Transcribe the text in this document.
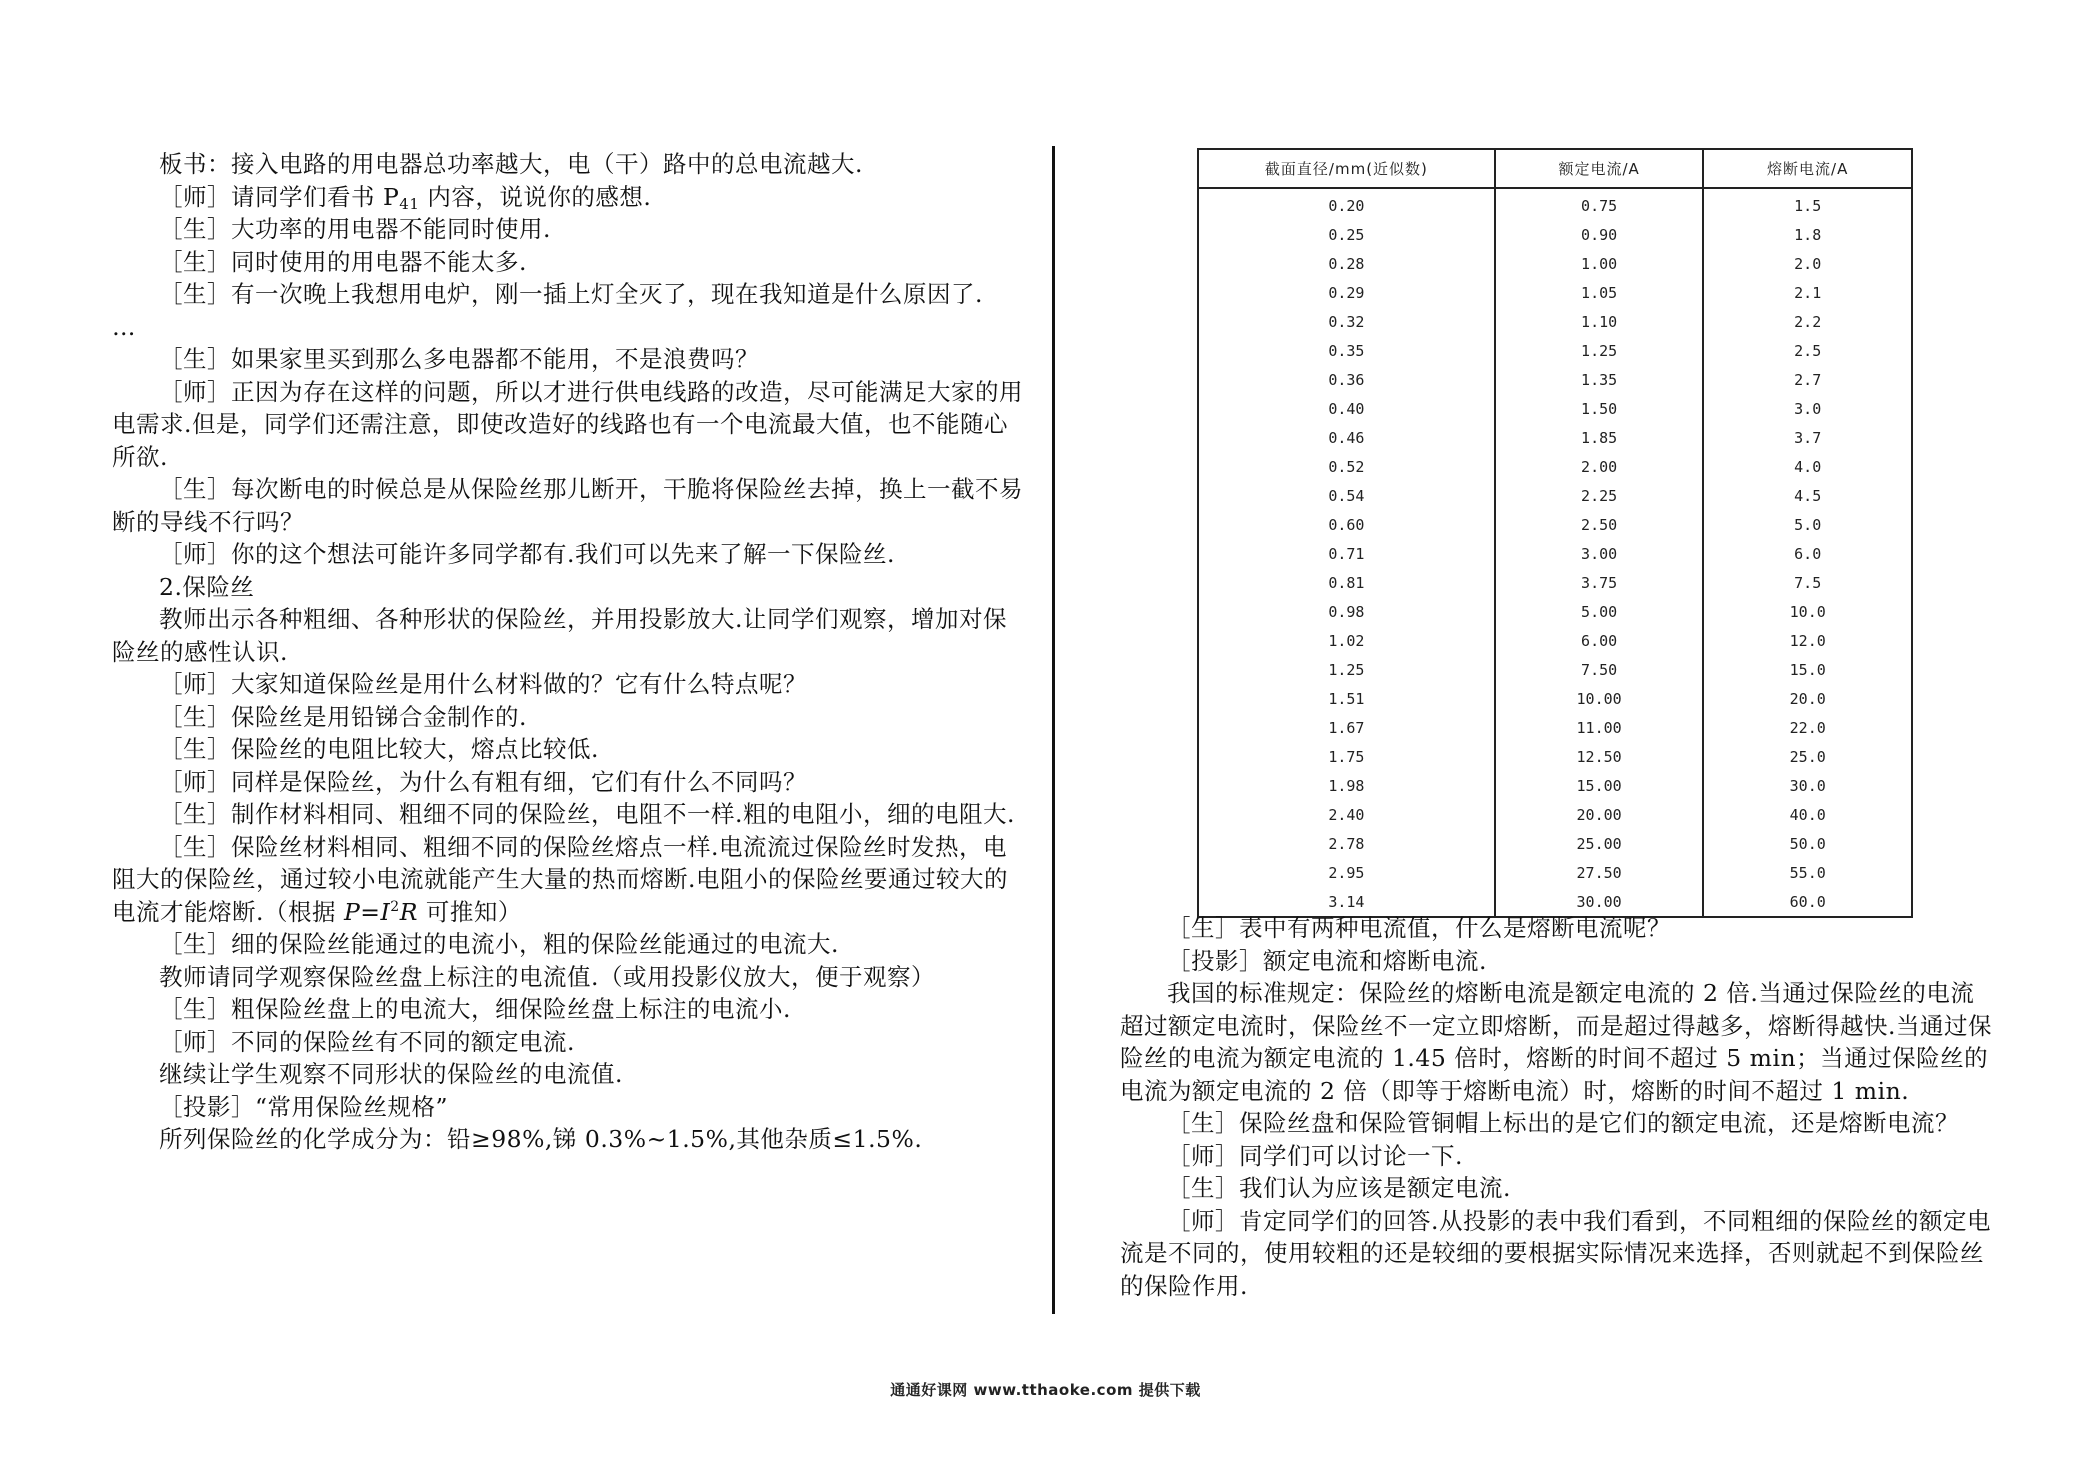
板书：接入电路的用电器总功率越大，电（干）路中的总电流越大.

［师］请同学们看书 $P_{41}$ 内容，说说你的感想.

［生］大功率的用电器不能同时使用.

［生］同时使用的用电器不能太多.

［生］有一次晚上我想用电炉，刚一插上灯全灭了，现在我知道是什么原因了.

…

［生］如果家里买到那么多电器都不能用，不是浪费吗？

［师］正因为存在这样的问题，所以才进行供电线路的改造，尽可能满足大家的用电需求.但是，同学们还需注意，即使改造好的线路也有一个电流最大值，也不能随心所欲.

［生］每次断电的时候总是从保险丝那儿断开，干脆将保险丝去掉，换上一截不易断的导线不行吗？

［师］你的这个想法可能许多同学都有.我们可以先来了解一下保险丝.

2.保险丝

教师出示各种粗细、各种形状的保险丝，并用投影放大.让同学们观察，增加对保险丝的感性认识.

［师］大家知道保险丝是用什么材料做的？它有什么特点呢？

［生］保险丝是用铅锑合金制作的.

［生］保险丝的电阻比较大，熔点比较低.

［师］同样是保险丝，为什么有粗有细，它们有什么不同吗？

［生］制作材料相同、粗细不同的保险丝，电阻不一样.粗的电阻小，细的电阻大.

［生］保险丝材料相同、粗细不同的保险丝熔点一样.电流流过保险丝时发热，电阻大的保险丝，通过较小电流就能产生大量的热而熔断.电阻小的保险丝要通过较大的电流才能熔断.（根据 $P=I^2R$ 可推知）

［生］细的保险丝能通过的电流小，粗的保险丝能通过的电流大.

教师请同学观察保险丝盘上标注的电流值.（或用投影仪放大，便于观察）

［生］粗保险丝盘上的电流大，细保险丝盘上标注的电流小.

［师］不同的保险丝有不同的额定电流.

继续让学生观察不同形状的保险丝的电流值.

［投影］“常用保险丝规格”

所列保险丝的化学成分为：铅≥98%,锑 0.3%~1.5%,其他杂质≤1.5%.

截面直径/mm(近似数)	额定电流/A	熔断电流/A
0.20	0.75	1.5
0.25	0.90	1.8
0.28	1.00	2.0
0.29	1.05	2.1
0.32	1.10	2.2
0.35	1.25	2.5
0.36	1.35	2.7
0.40	1.50	3.0
0.46	1.85	3.7
0.52	2.00	4.0
0.54	2.25	4.5
0.60	2.50	5.0
0.71	3.00	6.0
0.81	3.75	7.5
0.98	5.00	10.0
1.02	6.00	12.0
1.25	7.50	15.0
1.51	10.00	20.0
1.67	11.00	22.0
1.75	12.50	25.0
1.98	15.00	30.0
2.40	20.00	40.0
2.78	25.00	50.0
2.95	27.50	55.0
3.14	30.00	60.0

［生］表中有两种电流值，什么是熔断电流呢？

［投影］额定电流和熔断电流.

我国的标准规定：保险丝的熔断电流是额定电流的 2 倍.当通过保险丝的电流超过额定电流时，保险丝不一定立即熔断，而是超过得越多，熔断得越快.当通过保险丝的电流为额定电流的 1.45 倍时，熔断的时间不超过 5 min；当通过保险丝的电流为额定电流的 2 倍（即等于熔断电流）时，熔断的时间不超过 1 min.

［生］保险丝盘和保险管铜帽上标出的是它们的额定电流，还是熔断电流？

［师］同学们可以讨论一下.

［生］我们认为应该是额定电流.

［师］肯定同学们的回答.从投影的表中我们看到，不同粗细的保险丝的额定电流是不同的，使用较粗的还是较细的要根据实际情况来选择，否则就起不到保险丝的保险作用.

通通好课网 www.tthaoke.com 提供下载
